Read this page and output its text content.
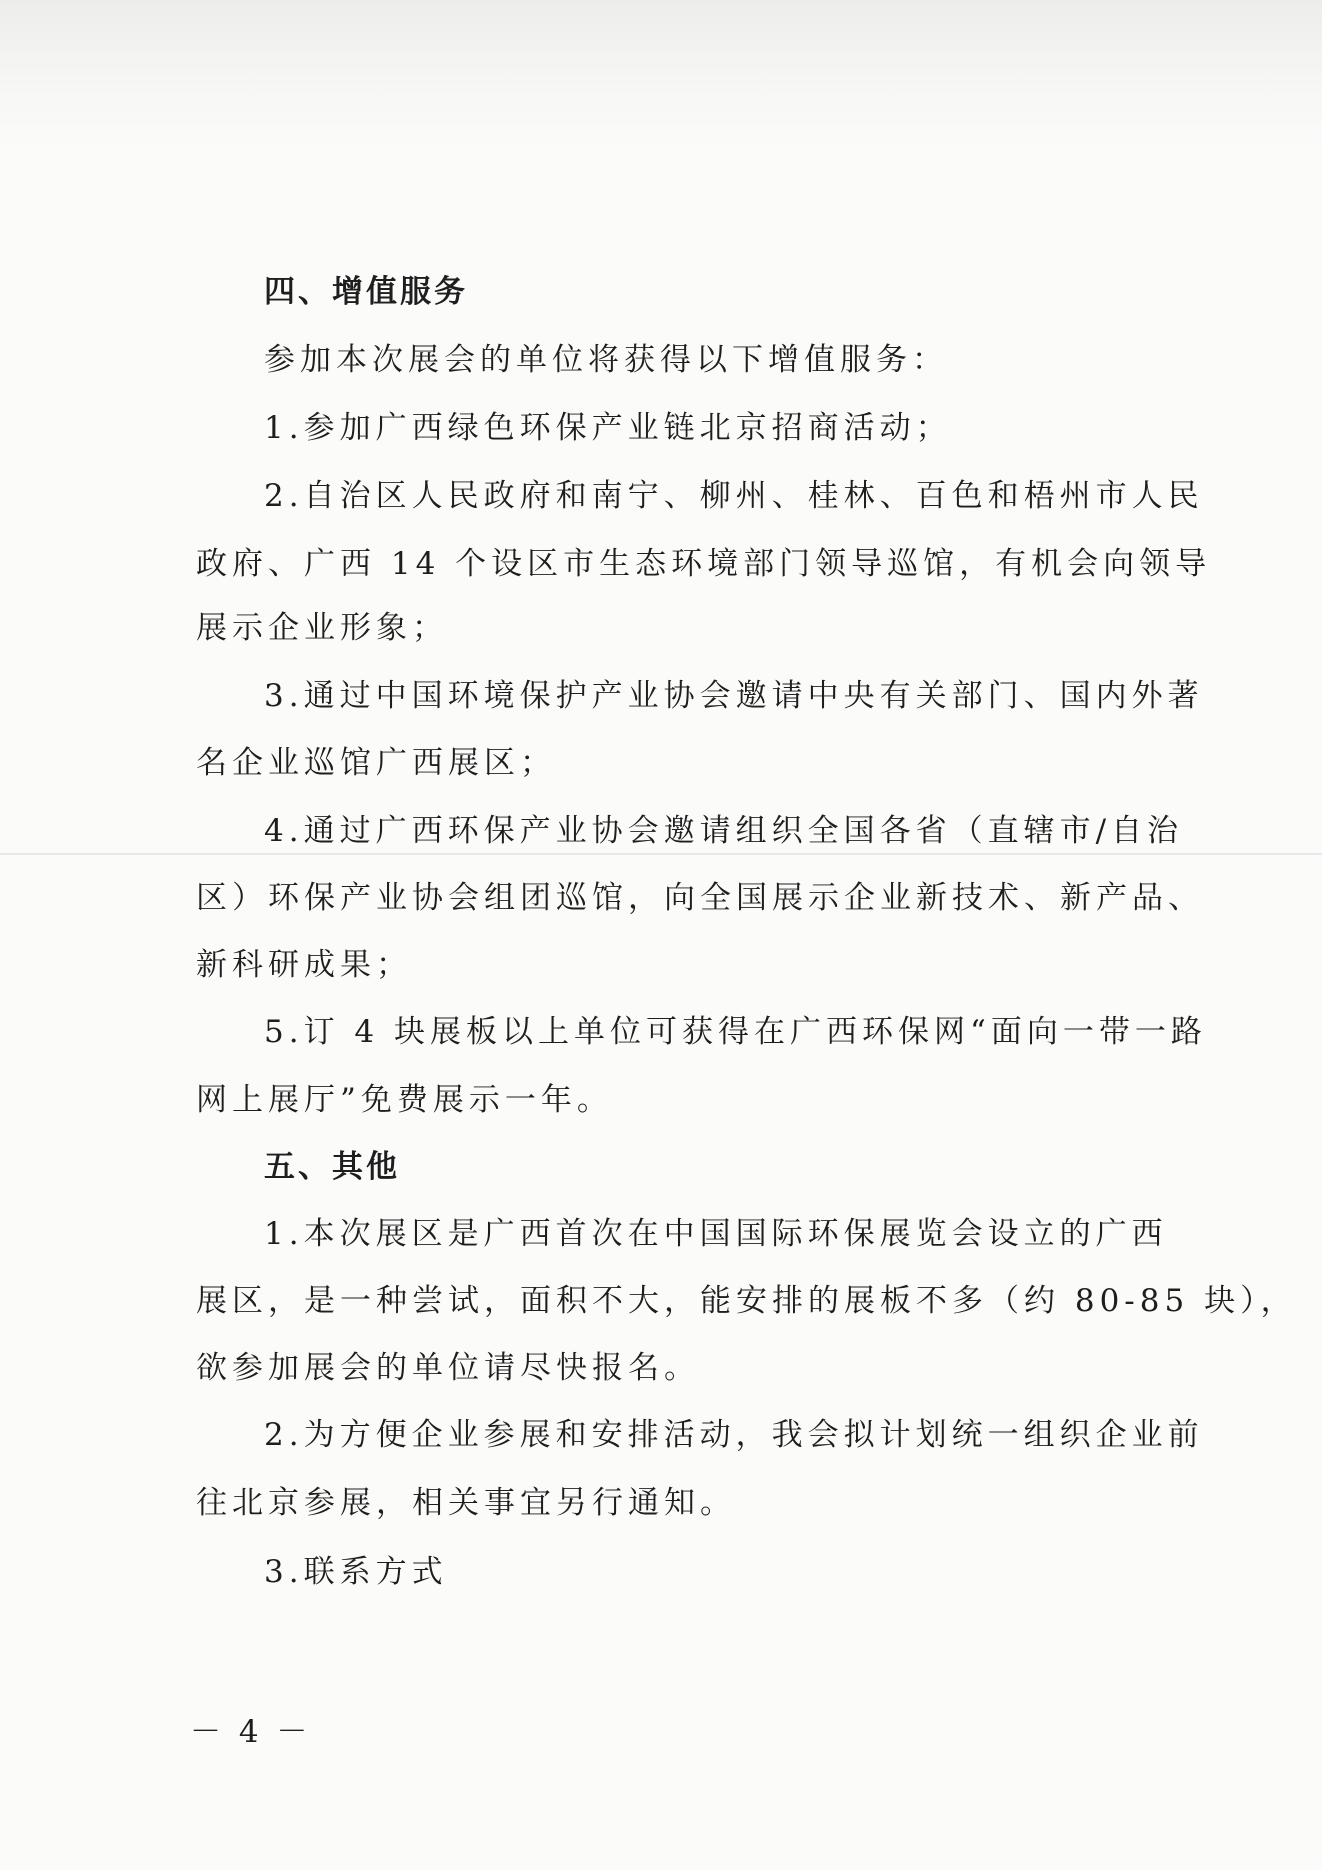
四、增值服务
参加本次展会的单位将获得以下增值服务：
1.参加广西绿色环保产业链北京招商活动；
2.自治区人民政府和南宁、柳州、桂林、百色和梧州市人民
政府、广西 14 个设区市生态环境部门领导巡馆，有机会向领导
展示企业形象；
3.通过中国环境保护产业协会邀请中央有关部门、国内外著
名企业巡馆广西展区；
4.通过广西环保产业协会邀请组织全国各省（直辖市/自治
区）环保产业协会组团巡馆，向全国展示企业新技术、新产品、
新科研成果；
5.订 4 块展板以上单位可获得在广西环保网“面向一带一路
网上展厅”免费展示一年。
五、其他
1.本次展区是广西首次在中国国际环保展览会设立的广西
展区，是一种尝试，面积不大，能安排的展板不多（约 80-85 块），
欲参加展会的单位请尽快报名。
2.为方便企业参展和安排活动，我会拟计划统一组织企业前
往北京参展，相关事宜另行通知。
3.联系方式
－ 4 －
